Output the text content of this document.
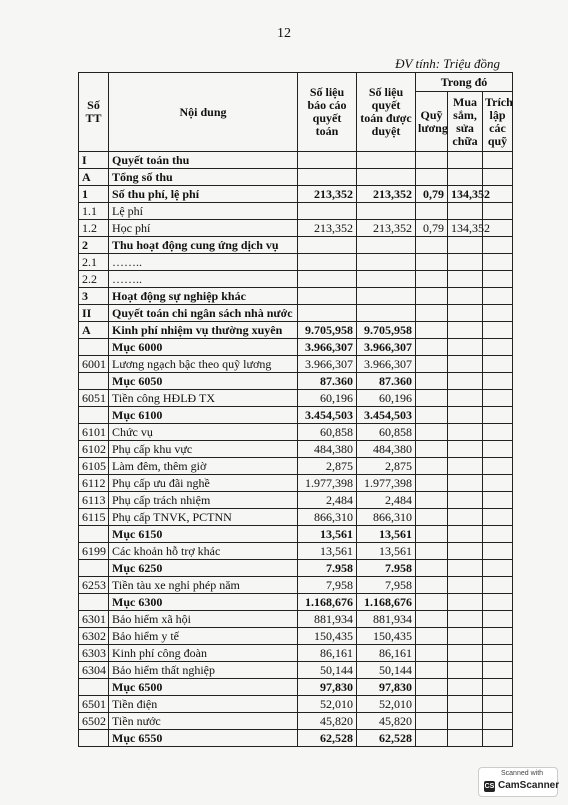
12
ĐV tính: Triệu đồng
Số TT	Nội dung	Số liệu báo cáo quyết toán	Số liệu quyết toán được duyệt	Trong đó		
				Quỹ lương	Mua sắm, sửa chữa	Trích lập các quỹ
I	Quyết toán thu					
A	Tổng số thu					
1	Số thu phí, lệ phí	213,352	213,352	0,79	134,352	
1.1	Lệ phí					
1.2	Học phí	213,352	213,352	0,79	134,352	
2	Thu hoạt động cung ứng dịch vụ					
2.1	……..					
2.2	……..					
3	Hoạt động sự nghiệp khác					
II	Quyết toán chi ngân sách nhà nước					
A	Kinh phí nhiệm vụ thường xuyên	9.705,958	9.705,958			
	Mục 6000	3.966,307	3.966,307			
6001	Lương ngạch bậc theo quỹ lương	3.966,307	3.966,307			
	Mục 6050	87.360	87.360			
6051	Tiền công HĐLĐ TX	60,196	60,196			
	Mục 6100	3.454,503	3.454,503			
6101	Chức vụ	60,858	60,858			
6102	Phụ cấp khu vực	484,380	484,380			
6105	Làm đêm, thêm giờ	2,875	2,875			
6112	Phụ cấp ưu đãi nghề	1.977,398	1.977,398			
6113	Phụ cấp trách nhiệm	2,484	2,484			
6115	Phụ cấp TNVK, PCTNN	866,310	866,310			
	Mục 6150	13,561	13,561			
6199	Các khoản hỗ trợ khác	13,561	13,561			
	Mục 6250	7.958	7.958			
6253	Tiền tàu xe nghỉ phép năm	7,958	7,958			
	Mục 6300	1.168,676	1.168,676			
6301	Bảo hiểm xã hội	881,934	881,934			
6302	Bảo hiểm y tế	150,435	150,435			
6303	Kinh phí công đoàn	86,161	86,161			
6304	Bảo hiểm thất nghiệp	50,144	50,144			
	Mục 6500	97,830	97,830			
6501	Tiền điện	52,010	52,010			
6502	Tiền nước	45,820	45,820			
	Mục 6550	62,528	62,528			
Scanned with
CS CamScanner
